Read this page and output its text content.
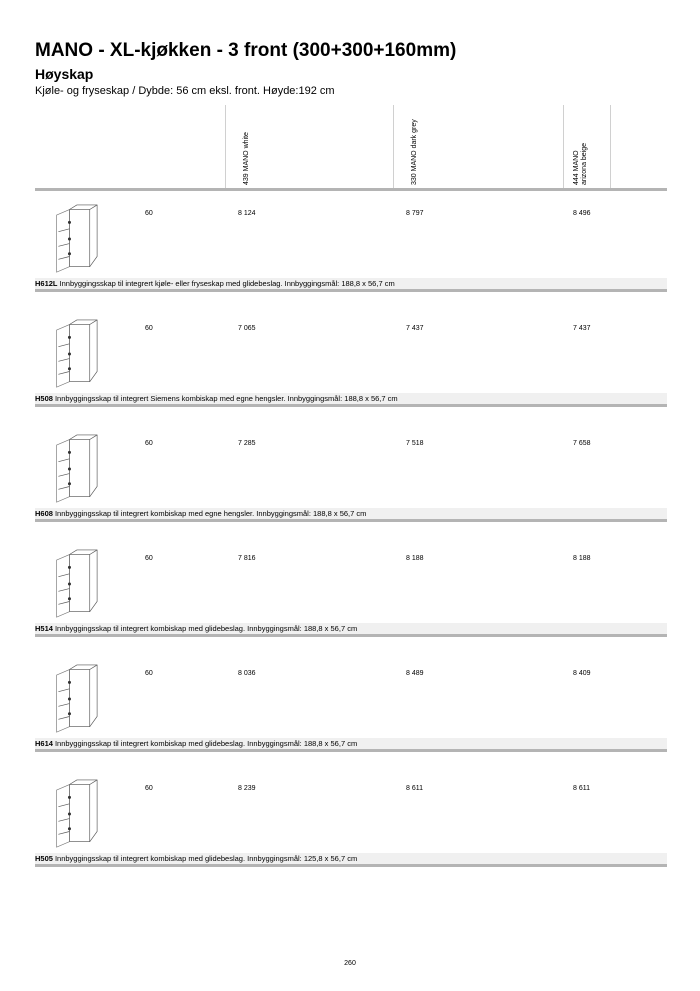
MANO - XL-kjøkken - 3 front (300+300+160mm)
Høyskap

Kjøle- og fryseskap / Dybde: 56 cm eksl. front. Høyde:192 cm

439 MANO white	330 MANO dark grey	444 MANO arizona beige
60	8 124	8 797	8 496
H612L Innbyggingsskap til integrert kjøle- eller fryseskap med glidebeslag. Innbyggingsmål: 188,8 x 56,7 cm
60	7 065	7 437	7 437
H508 Innbyggingsskap til integrert Siemens kombiskap med egne hengsler. Innbyggingsmål: 188,8 x 56,7 cm
60	7 285	7 518	7 658
H608 Innbyggingsskap til integrert kombiskap med egne hengsler. Innbyggingsmål: 188,8 x 56,7 cm
60	7 816	8 188	8 188
H514 Innbyggingsskap til integrert kombiskap med glidebeslag. Innbyggingsmål: 188,8 x 56,7 cm
60	8 036	8 489	8 409
H614 Innbyggingsskap til integrert kombiskap med glidebeslag. Innbyggingsmål: 188,8 x 56,7 cm
60	8 239	8 611	8 611
H505 Innbyggingsskap til integrert kombiskap med glidebeslag. Innbyggingsmål: 125,8 x 56,7 cm
260
